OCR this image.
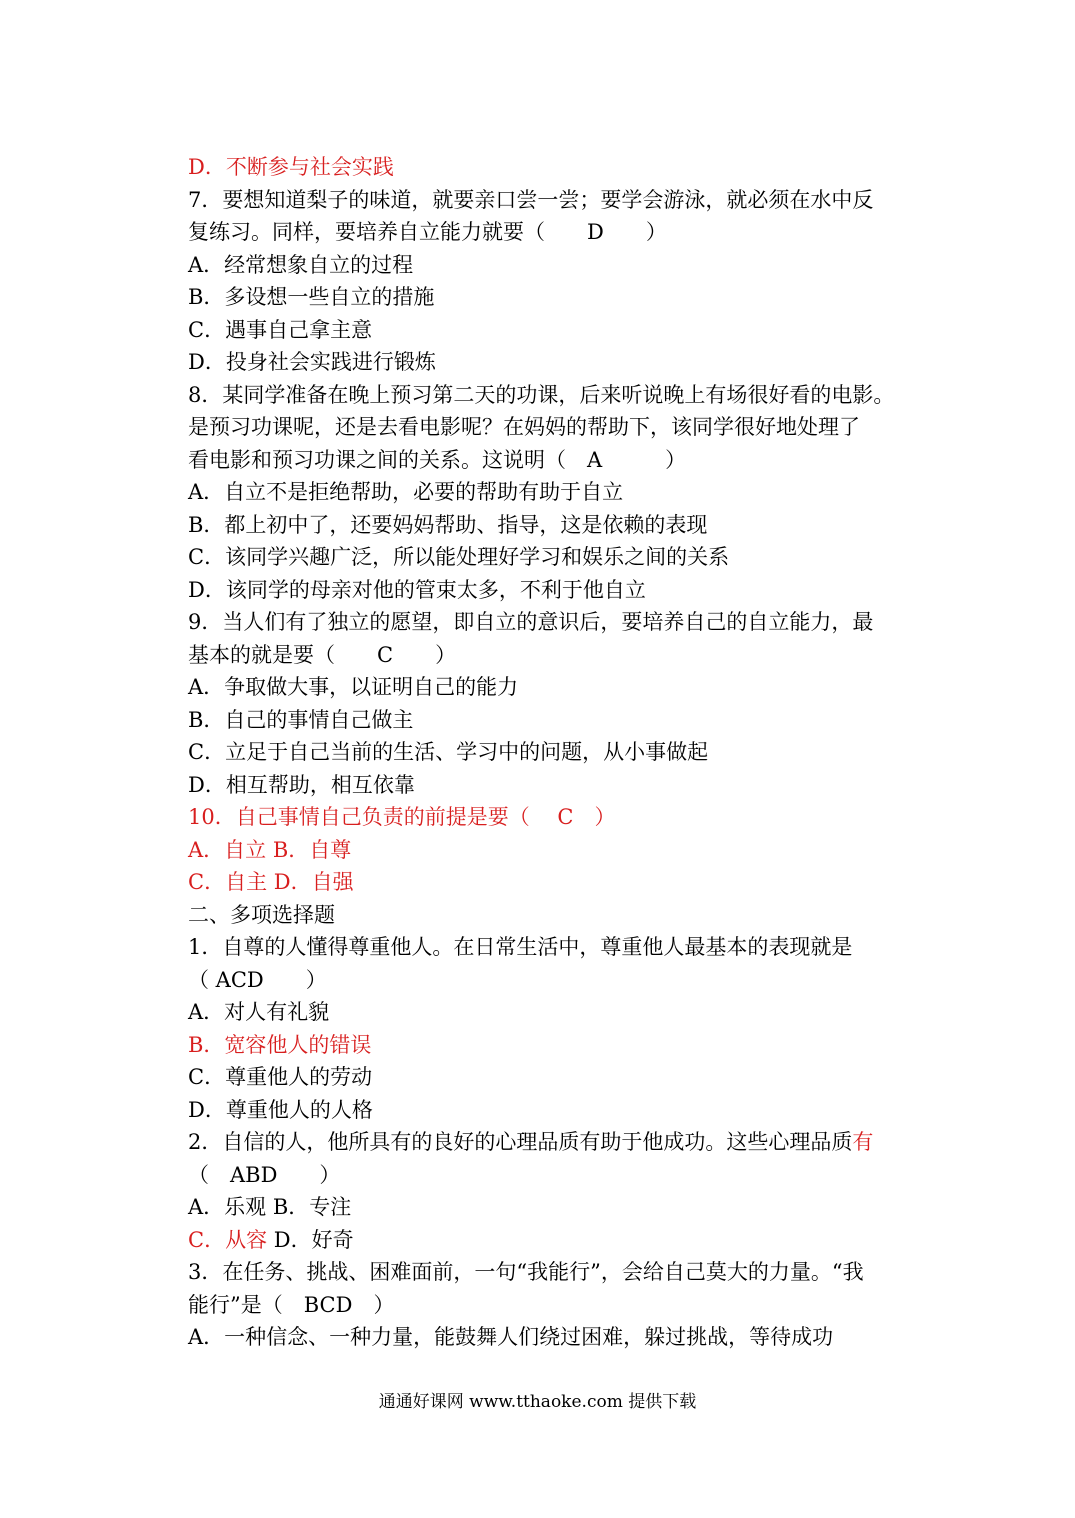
D．不断参与社会实践
7．要想知道梨子的味道，就要亲口尝一尝；要学会游泳，就必须在水中反
复练习。同样，要培养自立能力就要（　　D　　）
A．经常想象自立的过程
B．多设想一些自立的措施
C．遇事自己拿主意
D．投身社会实践进行锻炼
8．某同学准备在晚上预习第二天的功课，后来听说晚上有场很好看的电影。
是预习功课呢，还是去看电影呢？在妈妈的帮助下，该同学很好地处理了
看电影和预习功课之间的关系。这说明（　A　　　）
A．自立不是拒绝帮助，必要的帮助有助于自立
B．都上初中了，还要妈妈帮助、指导，这是依赖的表现
C．该同学兴趣广泛，所以能处理好学习和娱乐之间的关系
D．该同学的母亲对他的管束太多，不利于他自立
9．当人们有了独立的愿望，即自立的意识后，要培养自己的自立能力，最
基本的就是要（　　C　　）
A．争取做大事，以证明自己的能力
B．自己的事情自己做主
C．立足于自己当前的生活、学习中的问题，从小事做起
D．相互帮助，相互依靠
10．自己事情自己负责的前提是要（　 C　）
A．自立 B．自尊
C．自主 D．自强
二、多项选择题
1．自尊的人懂得尊重他人。在日常生活中，尊重他人最基本的表现就是
（ ACD　　）
A．对人有礼貌
B．宽容他人的错误
C．尊重他人的劳动
D．尊重他人的人格
2．自信的人，他所具有的良好的心理品质有助于他成功。这些心理品质有
（　ABD　　）
A．乐观 B．专注
C．从容 D．好奇
3．在任务、挑战、困难面前，一句“我能行”，会给自己莫大的力量。“我
能行”是（　BCD　）
A．一种信念、一种力量，能鼓舞人们绕过困难，躲过挑战，等待成功
通通好课网 www.tthaoke.com 提供下载
